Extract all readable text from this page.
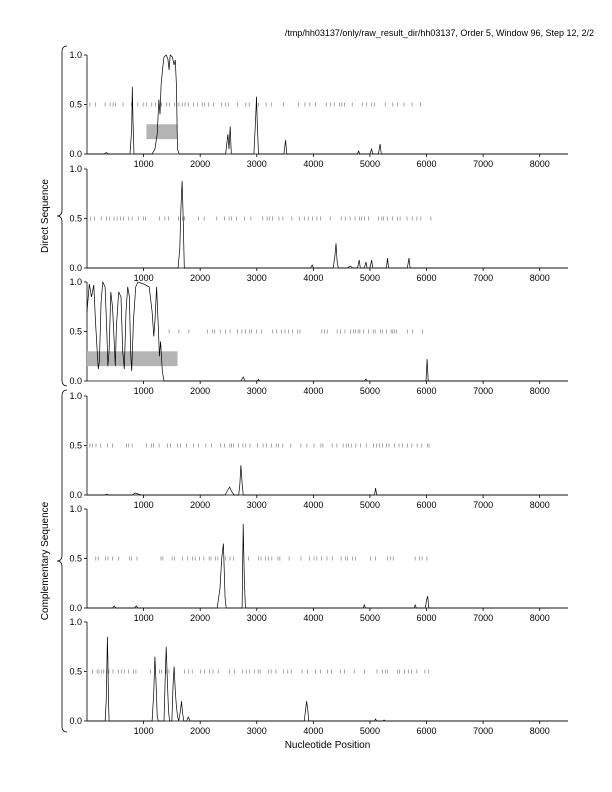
/tmp/hh03137/only/raw_result_dir/hh03137, Order 5, Window 96, Step 12, 2/2
0.0
0.5
1.0
1000	2000	3000	4000	5000	6000	7000	8000
0.0
0.5
1.0
1000	2000	3000	4000	5000	6000	7000	8000
0.0
0.5
1.0
1000	2000	3000	4000	5000	6000	7000	8000
0.0
0.5
1.0
1000	2000	3000	4000	5000	6000	7000	8000
0.0
0.5
1.0
1000	2000	3000	4000	5000	6000	7000	8000
0.0
0.5
1.0
1000	2000	3000	4000	5000	6000	7000	8000
Nucleotide Position
Direct Sequence
Complementary Sequence
